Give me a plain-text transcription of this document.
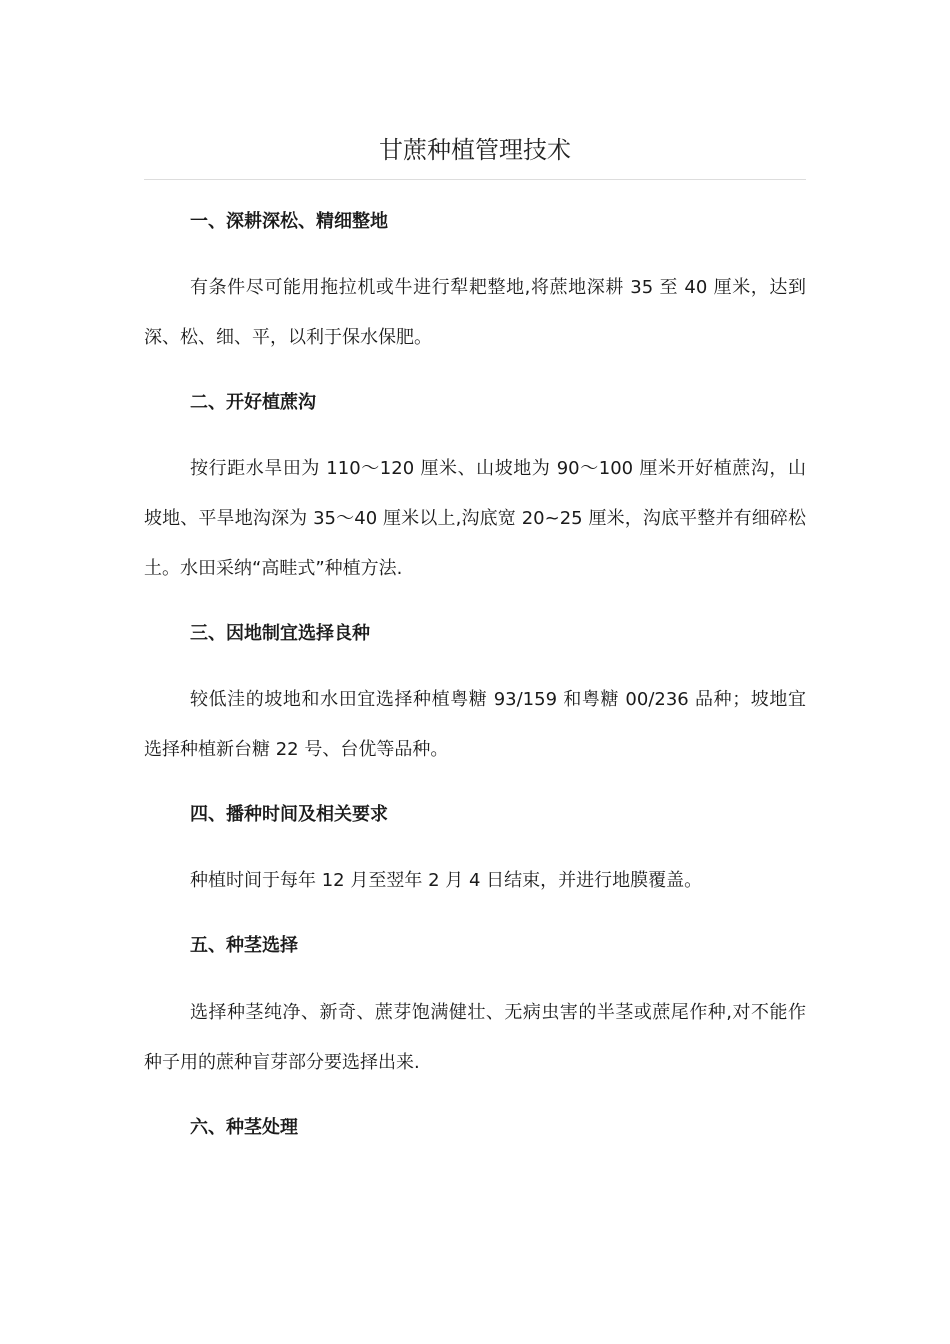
甘蔗种植管理技术
一、深耕深松、精细整地

有条件尽可能用拖拉机或牛进行犁耙整地,将蔗地深耕 35 至 40 厘米，达到深、松、细、平，以利于保水保肥。

二、开好植蔗沟

按行距水旱田为 110～120 厘米、山坡地为 90～100 厘米开好植蔗沟，山坡地、平旱地沟深为 35～40 厘米以上,沟底宽 20~25 厘米，沟底平整并有细碎松土。水田采纳“高畦式”种植方法.

三、因地制宜选择良种

较低洼的坡地和水田宜选择种植粤糖 93/159 和粤糖 00/236 品种；坡地宜选择种植新台糖 22 号、台优等品种。

四、播种时间及相关要求

种植时间于每年 12 月至翌年 2 月 4 日结束，并进行地膜覆盖。

五、种茎选择

选择种茎纯净、新奇、蔗芽饱满健壮、无病虫害的半茎或蔗尾作种,对不能作种子用的蔗种盲芽部分要选择出来.

六、种茎处理
